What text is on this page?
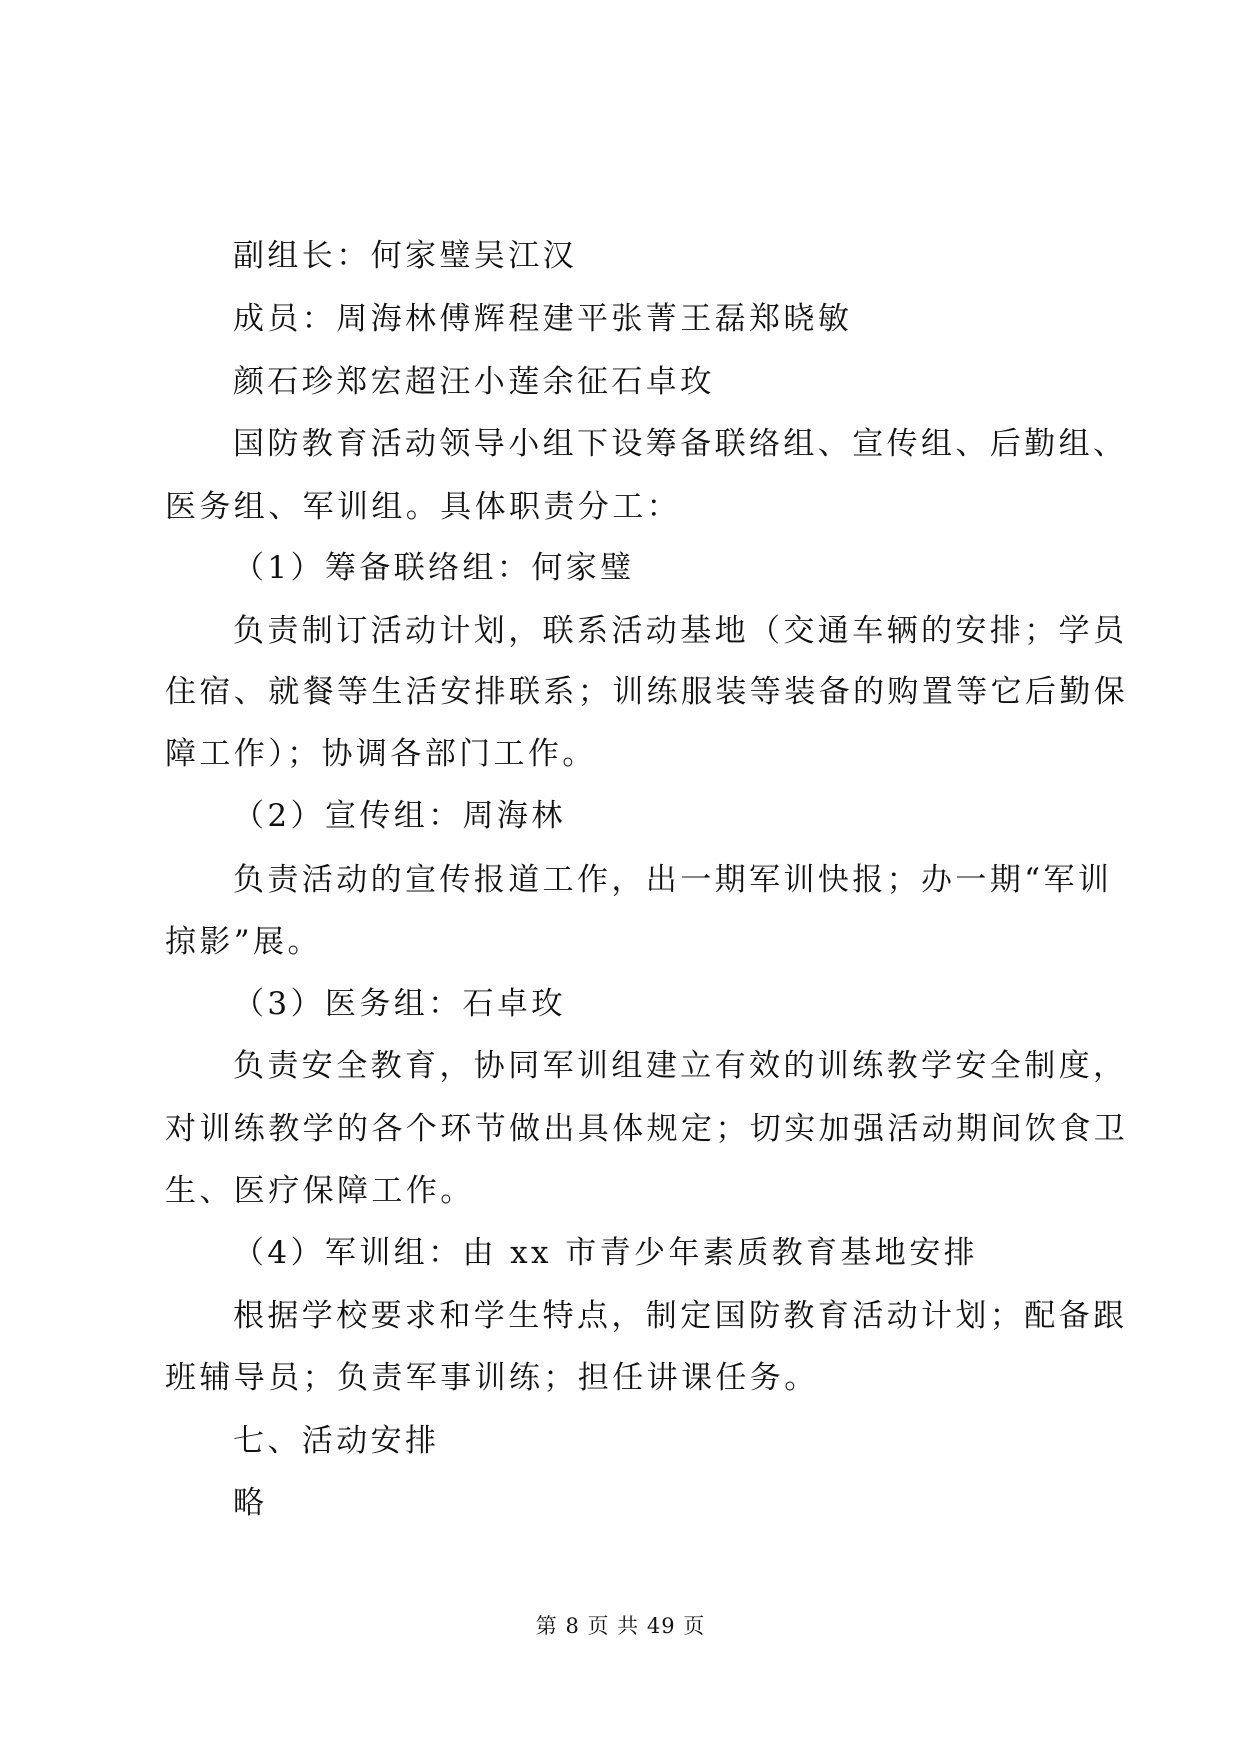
副组长：何家璧吴江汉
成员：周海林傅辉程建平张菁王磊郑晓敏
颜石珍郑宏超汪小莲余征石卓玫
国防教育活动领导小组下设筹备联络组、宣传组、后勤组、
医务组、军训组。具体职责分工：
（1）筹备联络组：何家璧
负责制订活动计划，联系活动基地（交通车辆的安排；学员
住宿、就餐等生活安排联系；训练服装等装备的购置等它后勤保
障工作）；协调各部门工作。
（2）宣传组：周海林
负责活动的宣传报道工作，出一期军训快报；办一期“军训
掠影”展。
（3）医务组：石卓玫
负责安全教育，协同军训组建立有效的训练教学安全制度，
对训练教学的各个环节做出具体规定；切实加强活动期间饮食卫
生、医疗保障工作。
（4）军训组：由 xx 市青少年素质教育基地安排
根据学校要求和学生特点，制定国防教育活动计划；配备跟
班辅导员；负责军事训练；担任讲课任务。
七、活动安排
略
第 8 页 共 49 页
